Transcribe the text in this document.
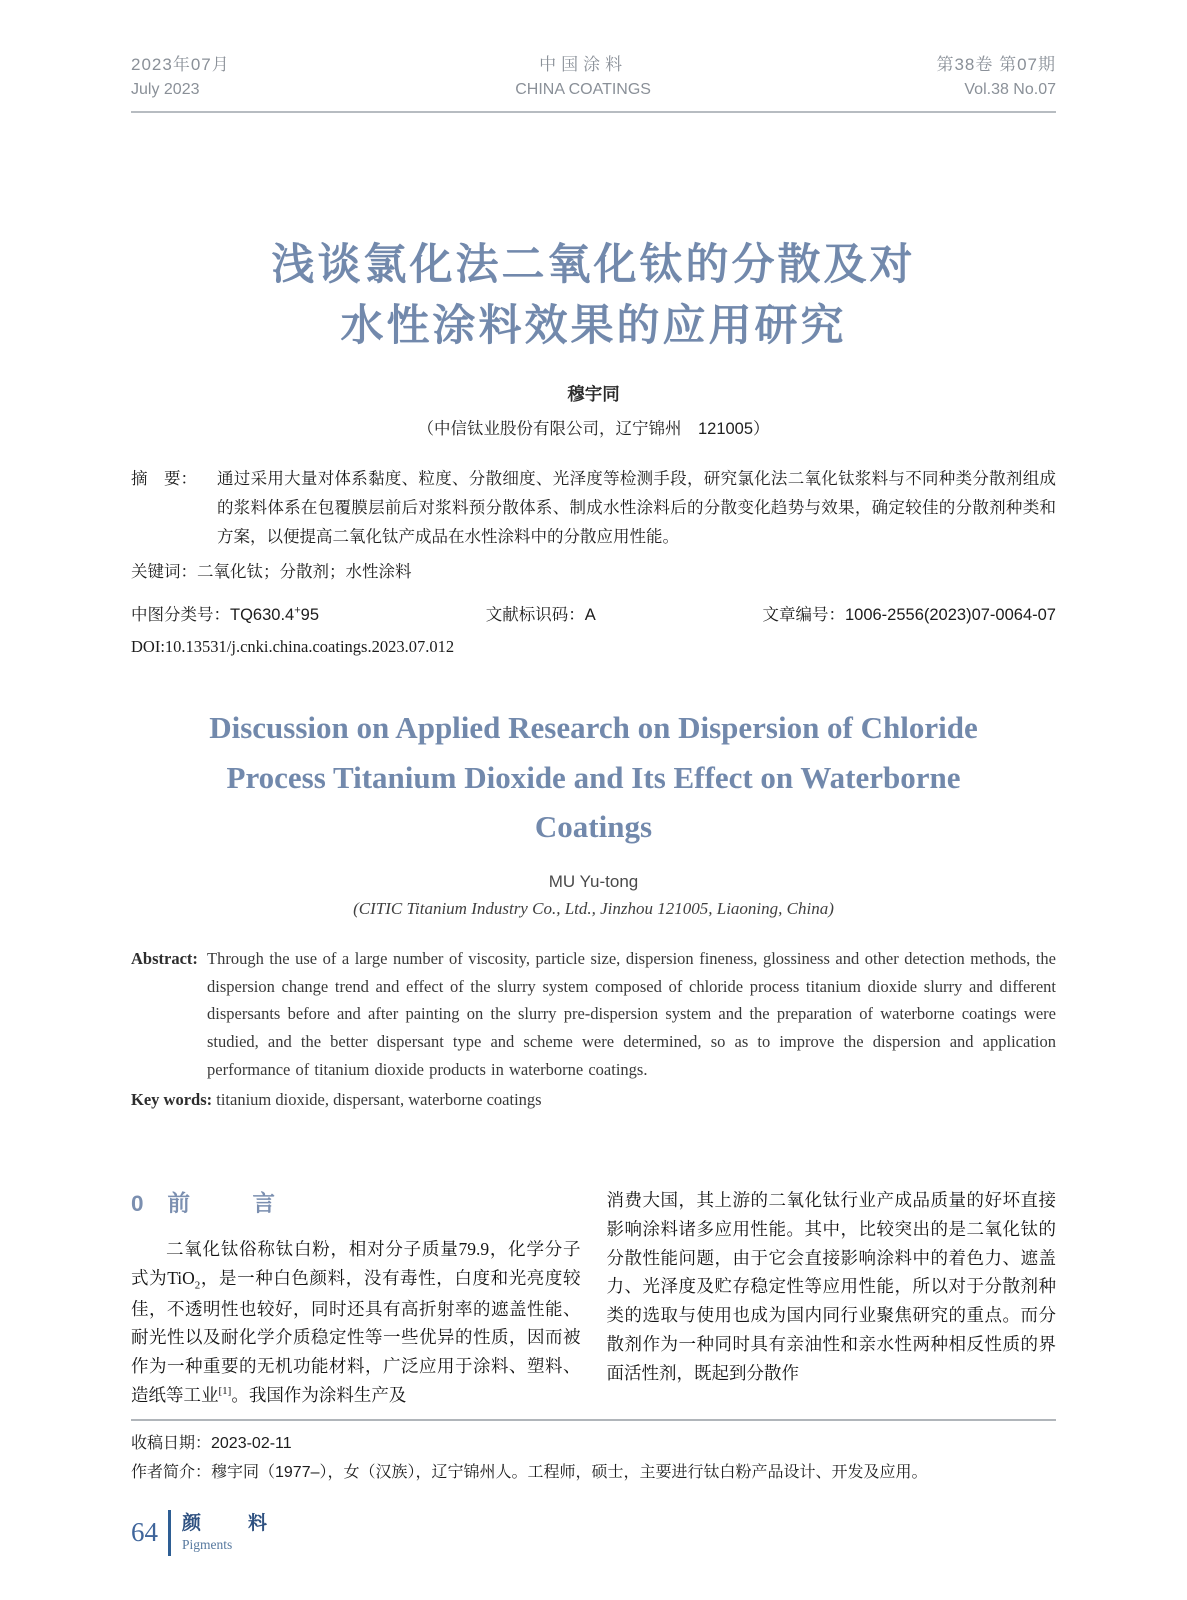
2023年07月
July 2023
中国涂料
CHINA COATINGS
第38卷 第07期
Vol.38 No.07
浅谈氯化法二氧化钛的分散及对
水性涂料效果的应用研究
穆宇同
（中信钛业股份有限公司，辽宁锦州　121005）
摘　要： 通过采用大量对体系黏度、粒度、分散细度、光泽度等检测手段，研究氯化法二氧化钛浆料与不同种类分散剂组成的浆料体系在包覆膜层前后对浆料预分散体系、制成水性涂料后的分散变化趋势与效果，确定较佳的分散剂种类和方案，以便提高二氧化钛产成品在水性涂料中的分散应用性能。
关键词：二氧化钛；分散剂；水性涂料
中图分类号：TQ630.4+95	文献标识码：A	文章编号：1006-2556(2023)07-0064-07
DOI:10.13531/j.cnki.china.coatings.2023.07.012
Discussion on Applied Research on Dispersion of Chloride
Process Titanium Dioxide and Its Effect on Waterborne
Coatings
MU Yu-tong
(CITIC Titanium Industry Co., Ltd., Jinzhou 121005, Liaoning, China)
Abstract: Through the use of a large number of viscosity, particle size, dispersion fineness, glossiness and other detection methods, the dispersion change trend and effect of the slurry system composed of chloride process titanium dioxide slurry and different dispersants before and after painting on the slurry pre-dispersion system and the preparation of waterborne coatings were studied, and the better dispersant type and scheme were determined, so as to improve the dispersion and application performance of titanium dioxide products in waterborne coatings.
Key words: titanium dioxide, dispersant, waterborne coatings
0 前　言

二氧化钛俗称钛白粉，相对分子质量79.9，化学分子式为TiO$_2$，是一种白色颜料，没有毒性，白度和光亮度较佳，不透明性也较好，同时还具有高折射率的遮盖性能、耐光性以及耐化学介质稳定性等一些优异的性质，因而被作为一种重要的无机功能材料，广泛应用于涂料、塑料、造纸等工业[1]。我国作为涂料生产及

消费大国，其上游的二氧化钛行业产成品质量的好坏直接影响涂料诸多应用性能。其中，比较突出的是二氧化钛的分散性能问题，由于它会直接影响涂料中的着色力、遮盖力、光泽度及贮存稳定性等应用性能，所以对于分散剂种类的选取与使用也成为国内同行业聚焦研究的重点。而分散剂作为一种同时具有亲油性和亲水性两种相反性质的界面活性剂，既起到分散作

收稿日期：2023-02-11
作者简介：穆宇同（1977–），女（汉族），辽宁锦州人。工程师，硕士，主要进行钛白粉产品设计、开发及应用。
64 颜　料
Pigments
